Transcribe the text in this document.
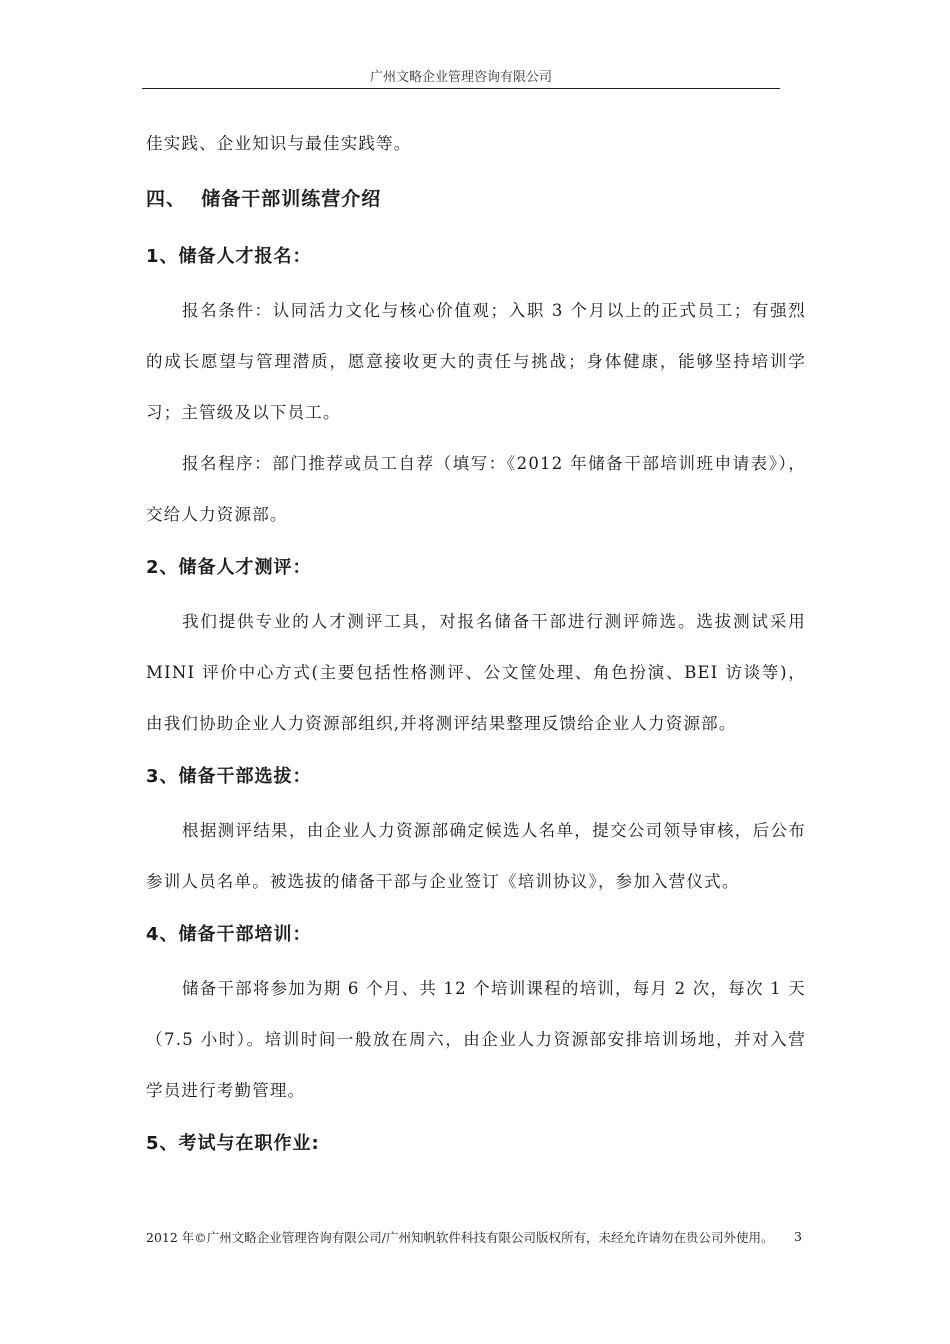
广州文略企业管理咨询有限公司

佳实践、企业知识与最佳实践等。

四、  储备干部训练营介绍

1、储备人才报名：

报名条件：认同活力文化与核心价值观；入职 3 个月以上的正式员工；有强烈的成长愿望与管理潜质，愿意接收更大的责任与挑战；身体健康，能够坚持培训学习；主管级及以下员工。

报名程序：部门推荐或员工自荐（填写：《2012 年储备干部培训班申请表》），交给人力资源部。

2、储备人才测评：

我们提供专业的人才测评工具，对报名储备干部进行测评筛选。选拔测试采用 MINI 评价中心方式(主要包括性格测评、公文筐处理、角色扮演、BEI 访谈等)，由我们协助企业人力资源部组织,并将测评结果整理反馈给企业人力资源部。

3、储备干部选拔：

根据测评结果，由企业人力资源部确定候选人名单，提交公司领导审核，后公布参训人员名单。被选拔的储备干部与企业签订《培训协议》，参加入营仪式。

4、储备干部培训：

储备干部将参加为期 6 个月、共 12 个培训课程的培训，每月 2 次，每次 1 天（7.5 小时）。培训时间一般放在周六，由企业人力资源部安排培训场地，并对入营学员进行考勤管理。

5、考试与在职作业:

2012 年©广州文略企业管理咨询有限公司/广州知帆软件科技有限公司版权所有，未经允许请勿在贵公司外使用。	3
